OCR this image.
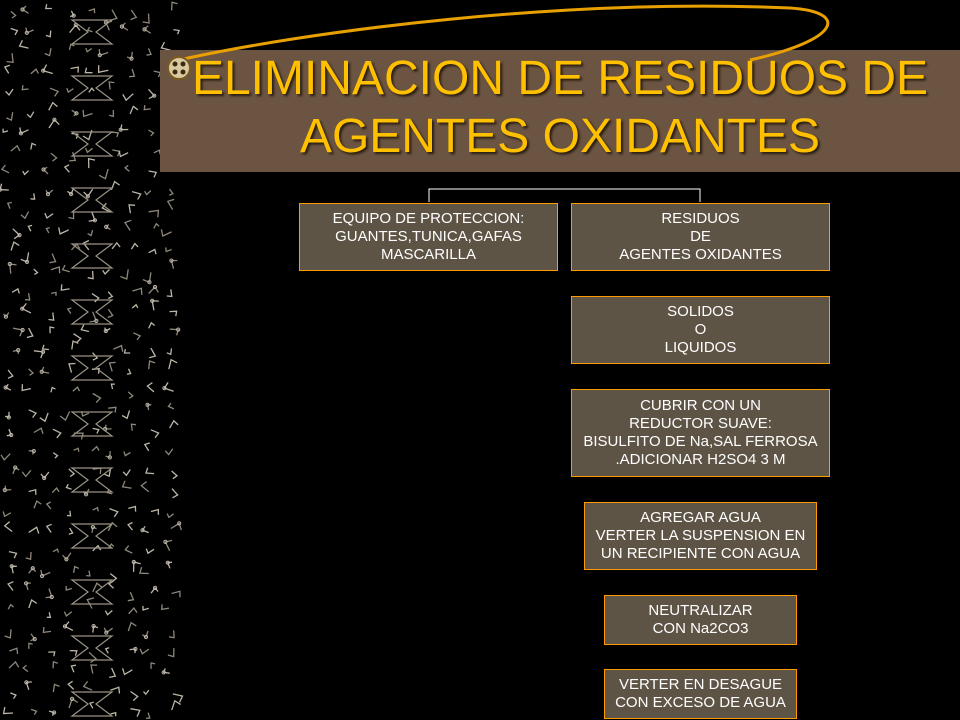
ELIMINACION DE RESIDUOS DE
AGENTES OXIDANTES
EQUIPO DE PROTECCION:
GUANTES,TUNICA,GAFAS
MASCARILLA
RESIDUOS
DE
AGENTES OXIDANTES
SOLIDOS
O
LIQUIDOS
CUBRIR CON UN
REDUCTOR SUAVE:
BISULFITO DE Na,SAL FERROSA
.ADICIONAR H2SO4 3 M
AGREGAR AGUA
VERTER LA SUSPENSION EN
UN RECIPIENTE CON AGUA
NEUTRALIZAR
CON Na2CO3
VERTER EN DESAGUE
CON EXCESO DE AGUA
